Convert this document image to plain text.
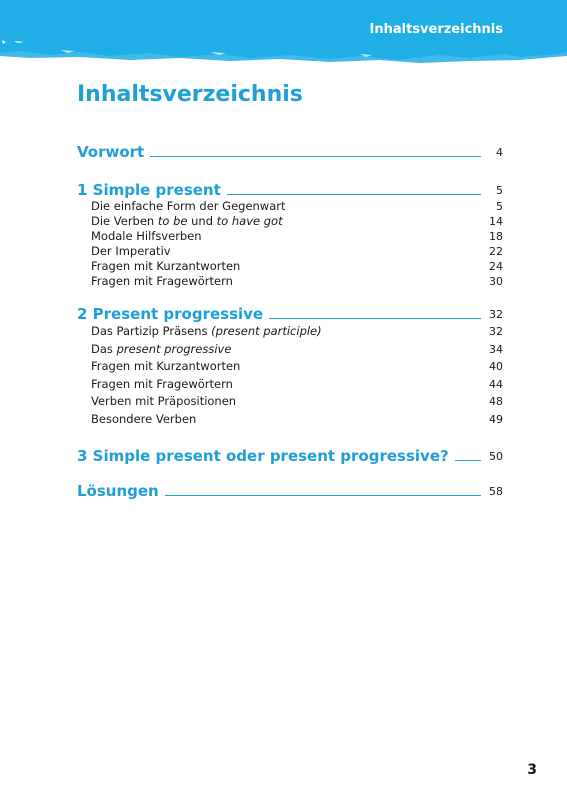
Inhaltsverzeichnis
Inhaltsverzeichnis
Vorwort	4
1 Simple present	5
Die einfache Form der Gegenwart	5
Die Verben to be und to have got	14
Modale Hilfsverben	18
Der Imperativ	22
Fragen mit Kurzantworten	24
Fragen mit Fragewörtern	30
2 Present progressive	32
Das Partizip Präsens (present participle)	32
Das present progressive	34
Fragen mit Kurzantworten	40
Fragen mit Fragewörtern	44
Verben mit Präpositionen	48
Besondere Verben	49
3 Simple present oder present progressive?	50
Lösungen	58
3
